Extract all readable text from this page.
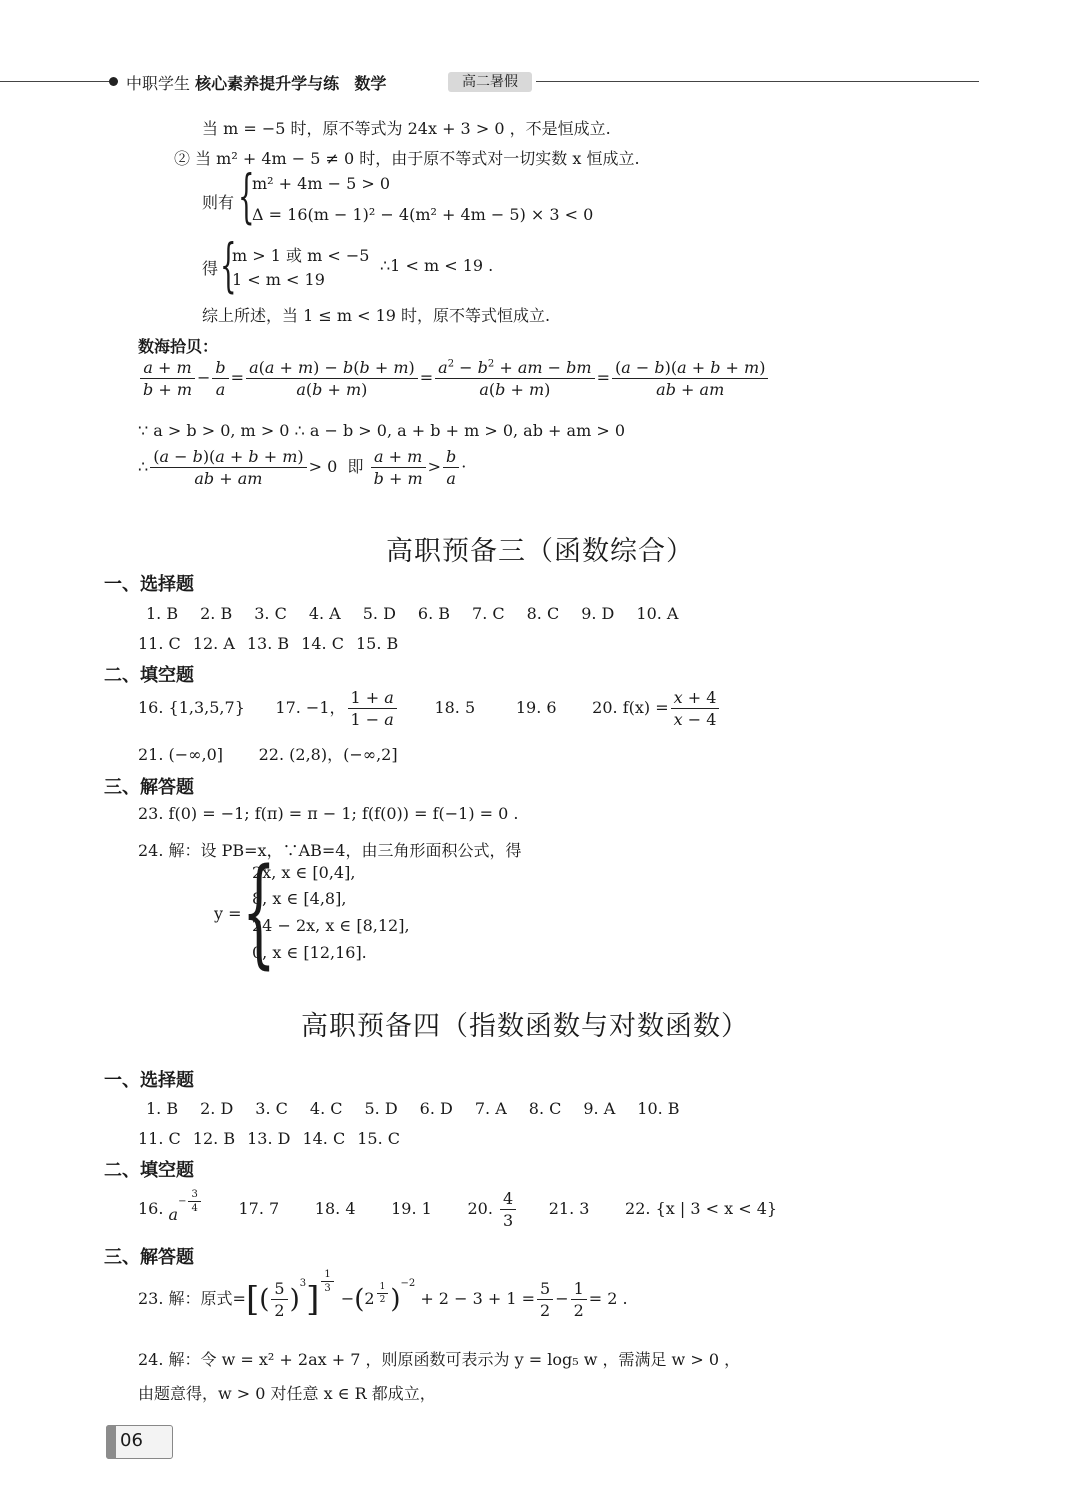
中职学生 核心素养提升学与练 数学	高二暑假
当 m = −5 时，原不等式为 24x + 3 > 0 ，不是恒成立.
② 当 m² + 4m − 5 ≠ 0 时，由于原不等式对一切实数 x 恒成立.
则有 {
m² + 4m − 5 > 0
Δ = 16(m − 1)² − 4(m² + 4m − 5) × 3 < 0
得 {
m > 1 或 m < −5
1 < m < 19
∴1 < m < 19 .
综上所述，当 1 ≤ m < 19 时，原不等式恒成立.
数海拾贝：
$\frac{a + m}{b + m} - \frac{b}{a} = \frac{a(a + m) - b(b + m)}{a(b + m)} = \frac{a^2 - b^2 + am - bm}{a(b + m)} = \frac{(a - b)(a + b + m)}{ab + am}$
∵ a > b > 0, m > 0 ∴ a − b > 0, a + b + m > 0, ab + am > 0
∴ $\frac{(a - b)(a + b + m)}{ab + am} > 0$ 即 $\frac{a + m}{b + m} > \frac{b}{a}$ ·
高职预备三（函数综合）
一、选择题
1. B 2. B 3. C 4. A 5. D 6. B 7. C 8. C 9. D 10. A
11. C 12. A 13. B 14. C 15. B
二、填空题
16. {1,3,5,7} 17. −1， $\frac{1 + a}{1 - a} 18$. 5	19. 6 20. $f(x) = \frac{x + 4}{x - 4}$
21. (−∞,0] 22. (2,8)，(−∞,2]
三、解答题
23. f(0) = −1; f(π) = π − 1; f(f(0)) = f(−1) = 0 .
24. 解：设 PB=x，∵AB=4，由三角形面积公式，得
y = {
2x, x ∈ [0,4],
8, x ∈ [4,8],
24 − 2x, x ∈ [8,12],
0, x ∈ [12,16].
高职预备四（指数函数与对数函数）
一、选择题
1. B 2. D 3. C 4. C 5. D 6. D 7. A 8. C 9. A 10. B
11. C 12. B 13. D 14. C 15. C
二、填空题
16. $a^{- \frac{3}{4}}$ 17. 7 18. 4 19. 1 20. $\frac{4}{3} 21$. 3 22. {x | 3 < x < 4}
三、解答题
23. 解：原式=[( $\frac{5}{2} )^3] \frac{1}{3}$
−(2 $^{\frac{1}{2}}$ )$^{-2} + 2 - 3 + 1 = \frac{5}{2} - \frac{1}{2} = 2$ .
24. 解：令 w = x² + 2ax + 7 ，则原函数可表示为 y = log₅ w ，需满足 w > 0 ，
由题意得，w > 0 对任意 x ∈ R 都成立，
06
